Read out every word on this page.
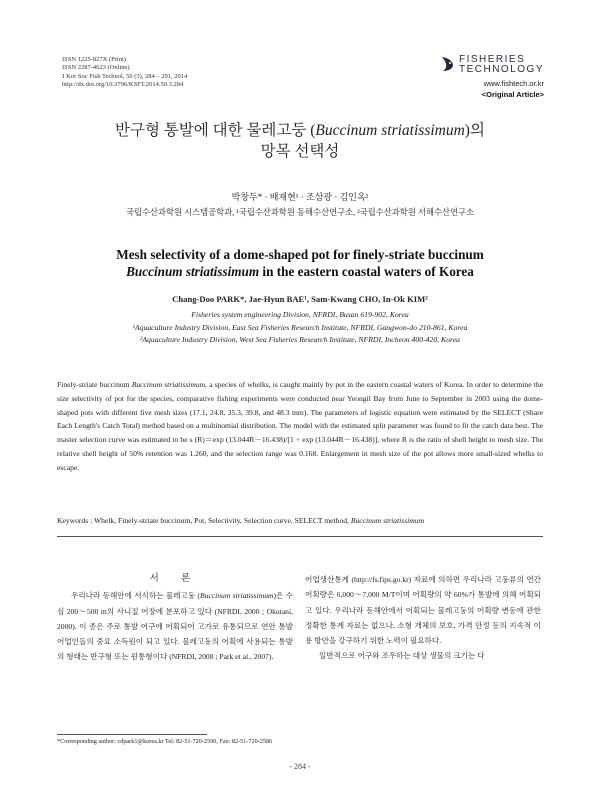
ISSN 1225-827X (Print)
ISSN 2287-4623 (Online)
J Kor Soc Fish Technol, 50 (3), 284 – 291, 2014
http://dx.doi.org/10.3796/KSFT.2014.50.3.284
FISHERIES
TECHNOLOGY
www.fishtech.or.kr
<Original Article>
반구형 통발에 대한 물레고둥 (Buccinum striatissimum)의
망목 선택성
박창두* · 배재현¹ · 조삼광 · 김인옥²
국립수산과학원 시스템공학과, ¹국립수산과학원 동해수산연구소, ²국립수산과학원 서해수산연구소
Mesh selectivity of a dome-shaped pot for finely-striate buccinum
Buccinum striatissimum in the eastern coastal waters of Korea
Chang-Doo PARK*, Jae-Hyun BAE¹, Sam-Kwang CHO, In-Ok KIM²
Fisheries system engineering Division, NFRDI, Busan 619-902, Korea
¹Aquaculture Industry Division, East Sea Fisheries Research Institute, NFRDI, Gangwon-do 210-861, Korea
²Aquaculture Industry Division, West Sea Fisheries Research Institute, NFRDI, Incheon 400-420, Korea
Finely-striate buccinum Buccinum striatissimum, a species of whelks, is caught mainly by pot in the eastern coastal waters of Korea. In order to determine the size selectivity of pot for the species, comparative fishing experiments were conducted near Yeongil Bay from June to September in 2003 using the dome-shaped pots with different five mesh sizes (17.1, 24.8, 35.3, 39.8, and 48.3 mm). The parameters of logistic equation were estimated by the SELECT (Share Each Length's Catch Total) method based on a multinomial distribution. The model with the estimated split parameter was found to fit the catch data best. The master selection curve was estimated to be s (R)＝exp (13.044R－16.438)/[1 + exp (13.044R－16.438)], where R is the ratio of shell height to mesh size. The relative shell height of 50% retention was 1.260, and the selection range was 0.168. Enlargement in mesh size of the pot allows more small-sized whelks to escape.
Keywords : Whelk, Finely-striate buccinum, Pot, Selectivity, Selection curve, SELECT method, Buccinum striatissimum
서 론
우리나라 동해안에 서식하는 물레고둥 (Buccinum striatissimum)은 수심 200～500 m의 사니질 어장에 분포하고 있다 (NFRDI, 2000 ; Okutani, 2000). 이 종은 주로 통발 어구에 어획되어 고가로 유통되므로 연안 통발 어업인들의 중요 소득원이 되고 있다. 물레고둥의 어획에 사용되는 통발의 형태는 반구형 또는 원통형이다 (NFRDI, 2008 ; Park et al., 2007).
어업생산통계 (http://fs.fips.go.kr) 자료에 의하면 우리나라 고둥류의 연간 어획량은 6,000～7,000 M/T이며 어획량의 약 60%가 통발에 의해 어획되고 있다. 우리나라 동해안에서 어획되는 물레고둥의 어획량 변동에 관한 정확한 통계 자료는 없으나, 소형 개체의 보호, 가격 안정 등의 지속적 이용 방안을 강구하기 위한 노력이 필요하다.
일반적으로 어구와 조우하는 대상 생물의 크기는 다
*Corresponding author: cdpark1@korea.kr Tel: 82-51-720-2590, Fax: 82-51-720-2586
- 284 -
